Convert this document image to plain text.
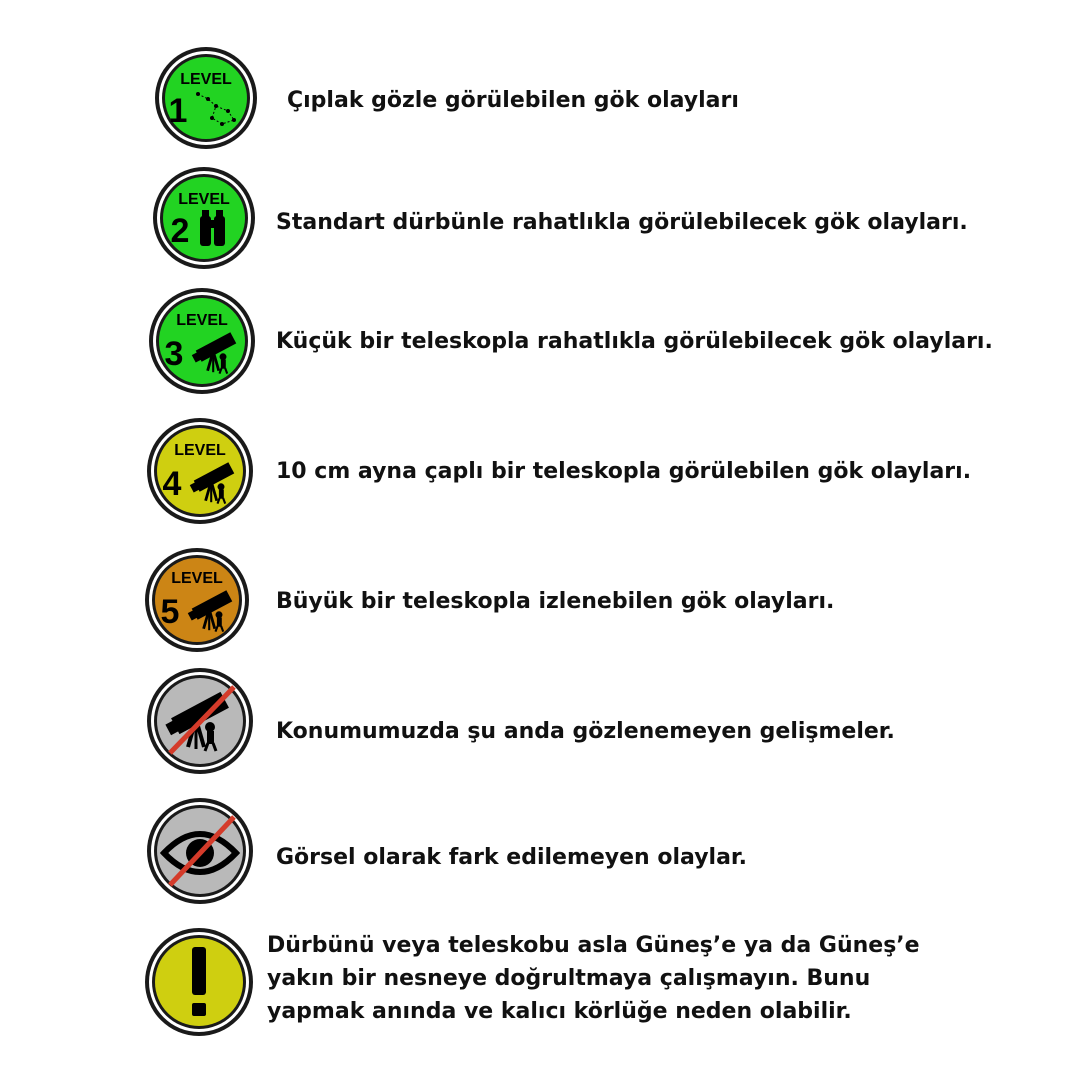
LEVEL
1	Çıplak gözle görülebilen gök olayları
LEVEL
2	Standart dürbünle rahatlıkla görülebilecek gök olayları.
LEVEL
3	Küçük bir teleskopla rahatlıkla görülebilecek gök olayları.
LEVEL
4	10 cm ayna çaplı bir teleskopla görülebilen gök olayları.
LEVEL
5	Büyük bir teleskopla izlenebilen gök olayları.
Konumumuzda şu anda gözlenemeyen gelişmeler.
Görsel olarak fark edilemeyen olaylar.
Dürbünü veya teleskobu asla Güneş’e ya da Güneş’e yakın bir nesneye doğrultmaya çalışmayın. Bunu yapmak anında ve kalıcı körlüğe neden olabilir.
